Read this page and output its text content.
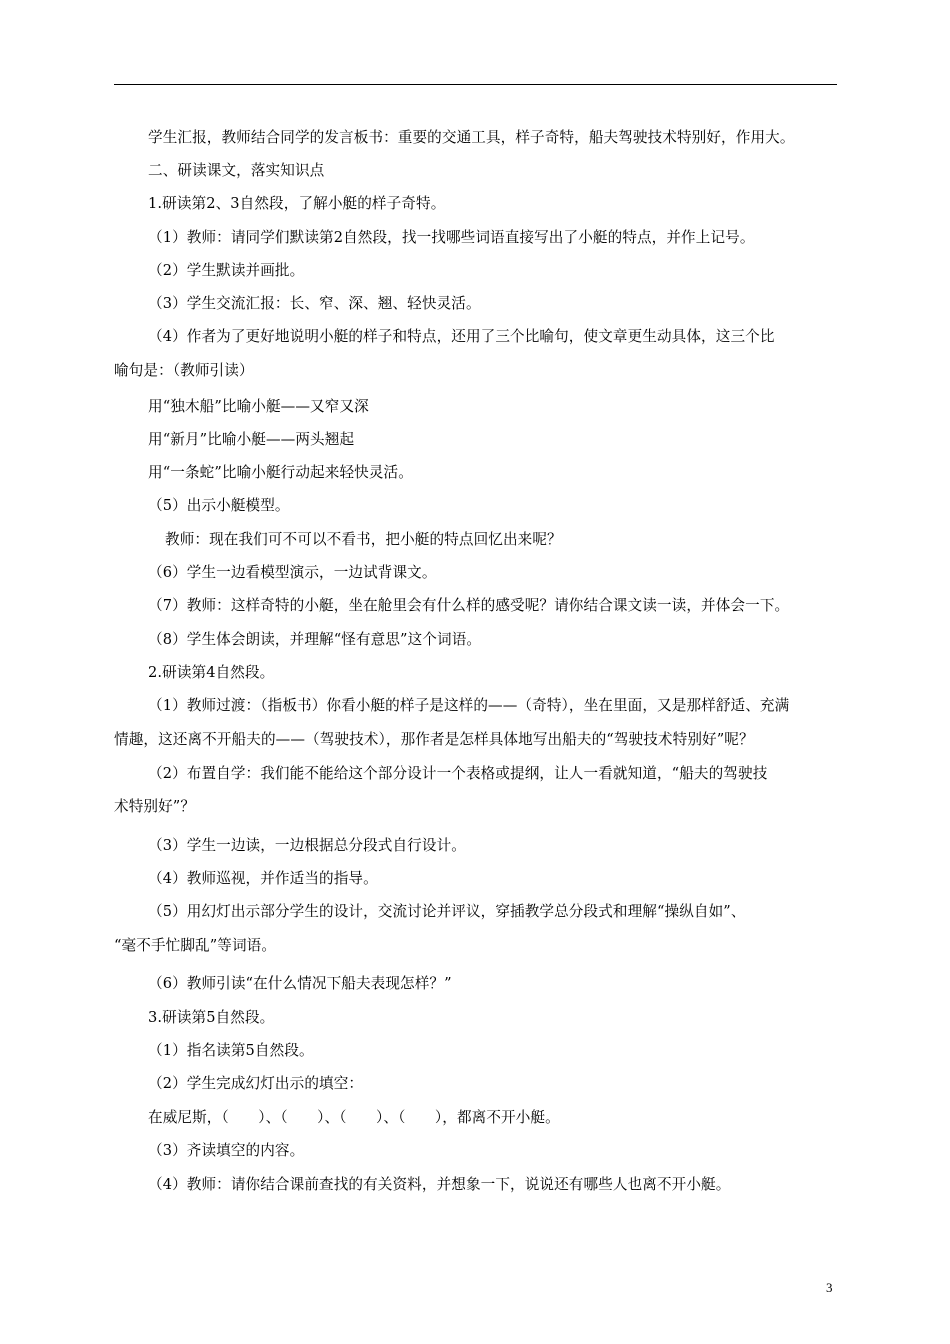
学生汇报，教师结合同学的发言板书：重要的交通工具，样子奇特，船夫驾驶技术特别好，作用大。
二、研读课文，落实知识点
1.研读第2、3自然段，了解小艇的样子奇特。
（1）教师：请同学们默读第2自然段，找一找哪些词语直接写出了小艇的特点，并作上记号。
（2）学生默读并画批。
（3）学生交流汇报：长、窄、深、翘、轻快灵活。
（4）作者为了更好地说明小艇的样子和特点，还用了三个比喻句，使文章更生动具体，这三个比
喻句是：（教师引读）
用“独木船”比喻小艇——又窄又深
用“新月”比喻小艇——两头翘起
用“一条蛇”比喻小艇行动起来轻快灵活。
（5）出示小艇模型。
教师：现在我们可不可以不看书，把小艇的特点回忆出来呢？
（6）学生一边看模型演示，一边试背课文。
（7）教师：这样奇特的小艇，坐在舱里会有什么样的感受呢？请你结合课文读一读，并体会一下。
（8）学生体会朗读，并理解“怪有意思”这个词语。
2.研读第4自然段。
（1）教师过渡：（指板书）你看小艇的样子是这样的——（奇特），坐在里面，又是那样舒适、充满
情趣，这还离不开船夫的——（驾驶技术），那作者是怎样具体地写出船夫的“驾驶技术特别好”呢？
（2）布置自学：我们能不能给这个部分设计一个表格或提纲，让人一看就知道，“船夫的驾驶技
术特别好”？
（3）学生一边读，一边根据总分段式自行设计。
（4）教师巡视，并作适当的指导。
（5）用幻灯出示部分学生的设计，交流讨论并评议，穿插教学总分段式和理解“操纵自如”、
“毫不手忙脚乱”等词语。
（6）教师引读“在什么情况下船夫表现怎样？”
3.研读第5自然段。
（1）指名读第5自然段。
（2）学生完成幻灯出示的填空：
在威尼斯，（　　）、（　　）、（　　）、（　　），都离不开小艇。
（3）齐读填空的内容。
（4）教师：请你结合课前查找的有关资料，并想象一下，说说还有哪些人也离不开小艇。
3
